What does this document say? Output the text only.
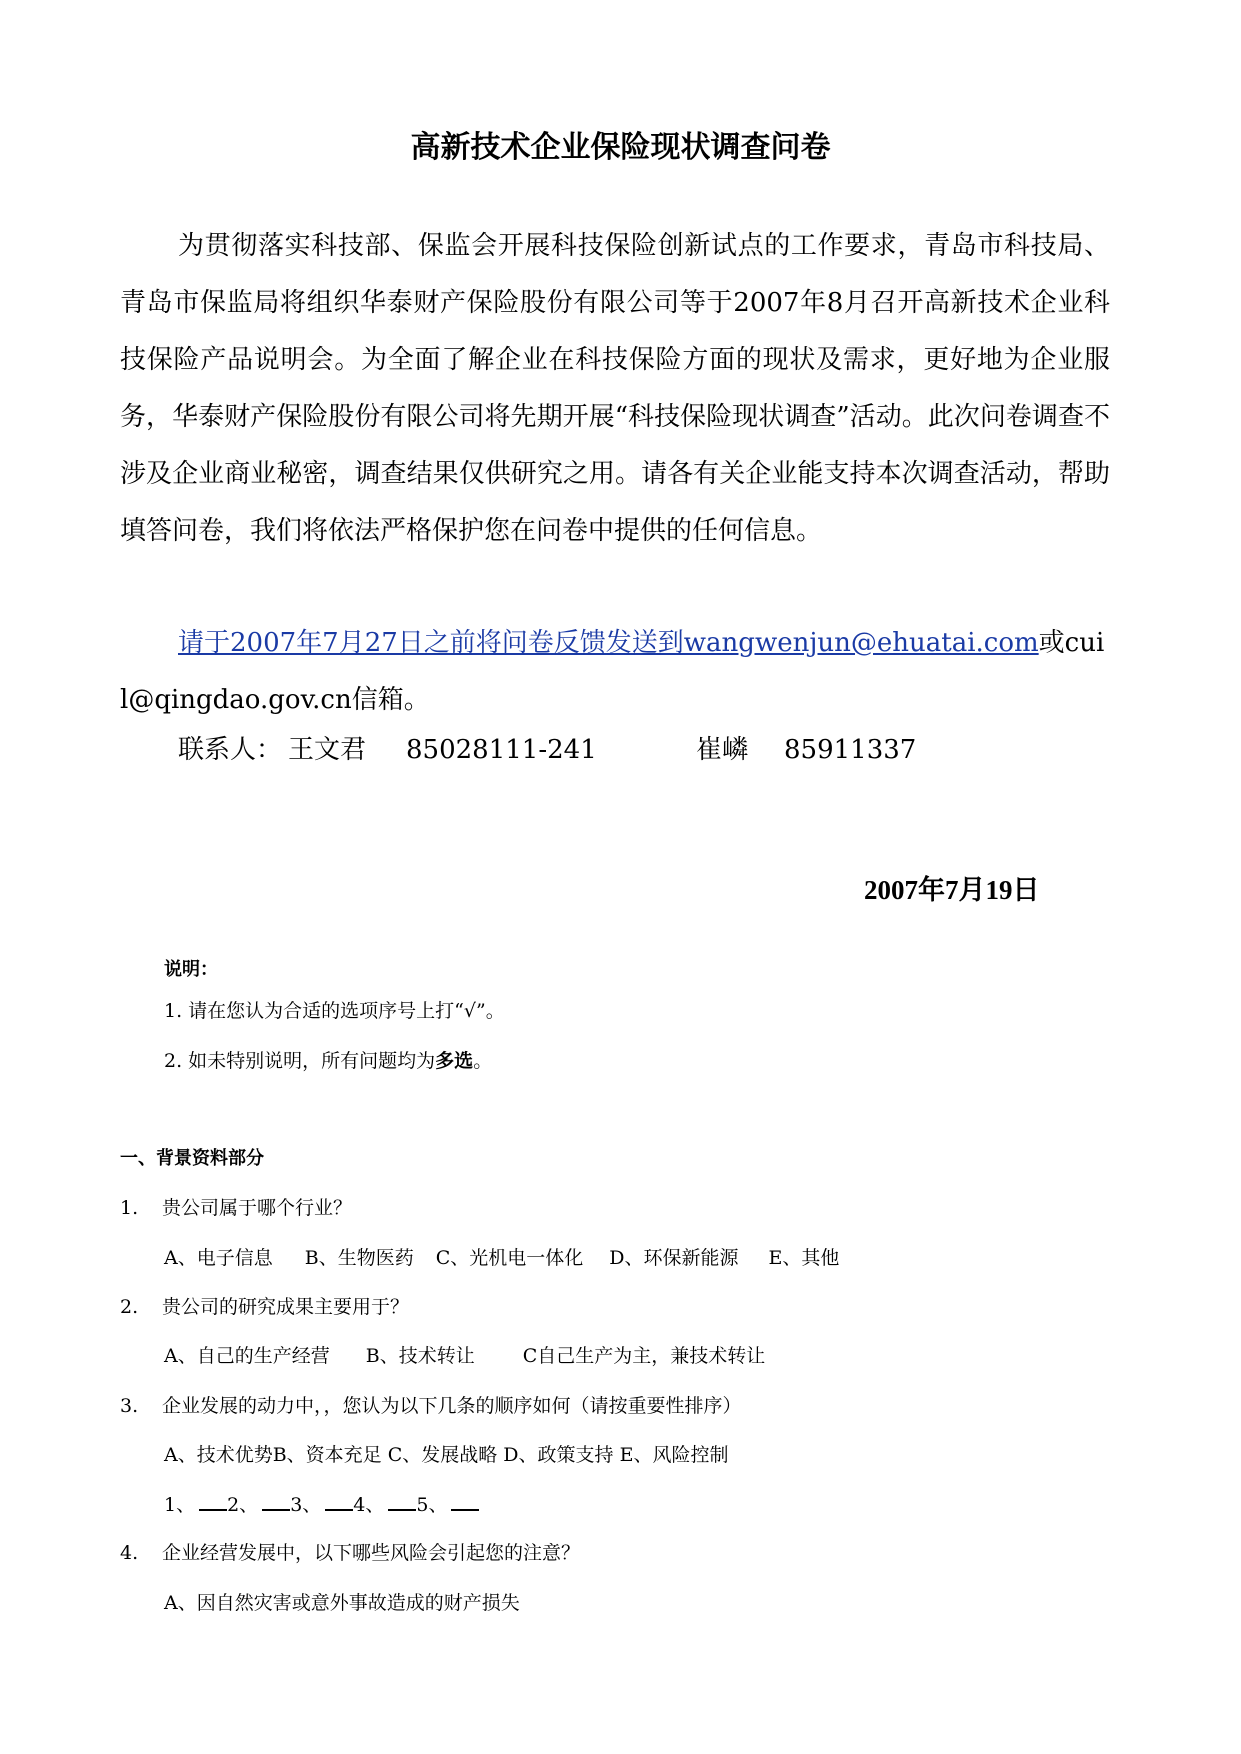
高新技术企业保险现状调查问卷

为贯彻落实科技部、保监会开展科技保险创新试点的工作要求，青岛市科技局、青岛市保监局将组织华泰财产保险股份有限公司等于2007年8月召开高新技术企业科技保险产品说明会。为全面了解企业在科技保险方面的现状及需求，更好地为企业服务，华泰财产保险股份有限公司将先期开展“科技保险现状调查”活动。此次问卷调查不涉及企业商业秘密，调查结果仅供研究之用。请各有关企业能支持本次调查活动，帮助填答问卷，我们将依法严格保护您在问卷中提供的任何信息。

请于2007年7月27日之前将问卷反馈发送到wangwenjun@ehuatai.com或cuil@qingdao.gov.cn信箱。

联系人： 王文君 85028111-241	崔嶙 85911337
2007年7月19日
说明：
1. 请在您认为合适的选项序号上打“√”。
2. 如未特别说明，所有问题均为多选。
一、背景资料部分
1. 贵公司属于哪个行业？
A、电子信息 B、生物医药 C、光机电一体化 D、环保新能源 E、其他
2. 贵公司的研究成果主要用于？
A、自己的生产经营 B、技术转让	C自己生产为主，兼技术转让
3. 企业发展的动力中，，您认为以下几条的顺序如何（请按重要性排序）
A、技术优势B、资本充足 C、发展战略 D、政策支持 E、风险控制
1、 2、 3、 4、 5、
4. 企业经营发展中，以下哪些风险会引起您的注意？
A、因自然灾害或意外事故造成的财产损失
